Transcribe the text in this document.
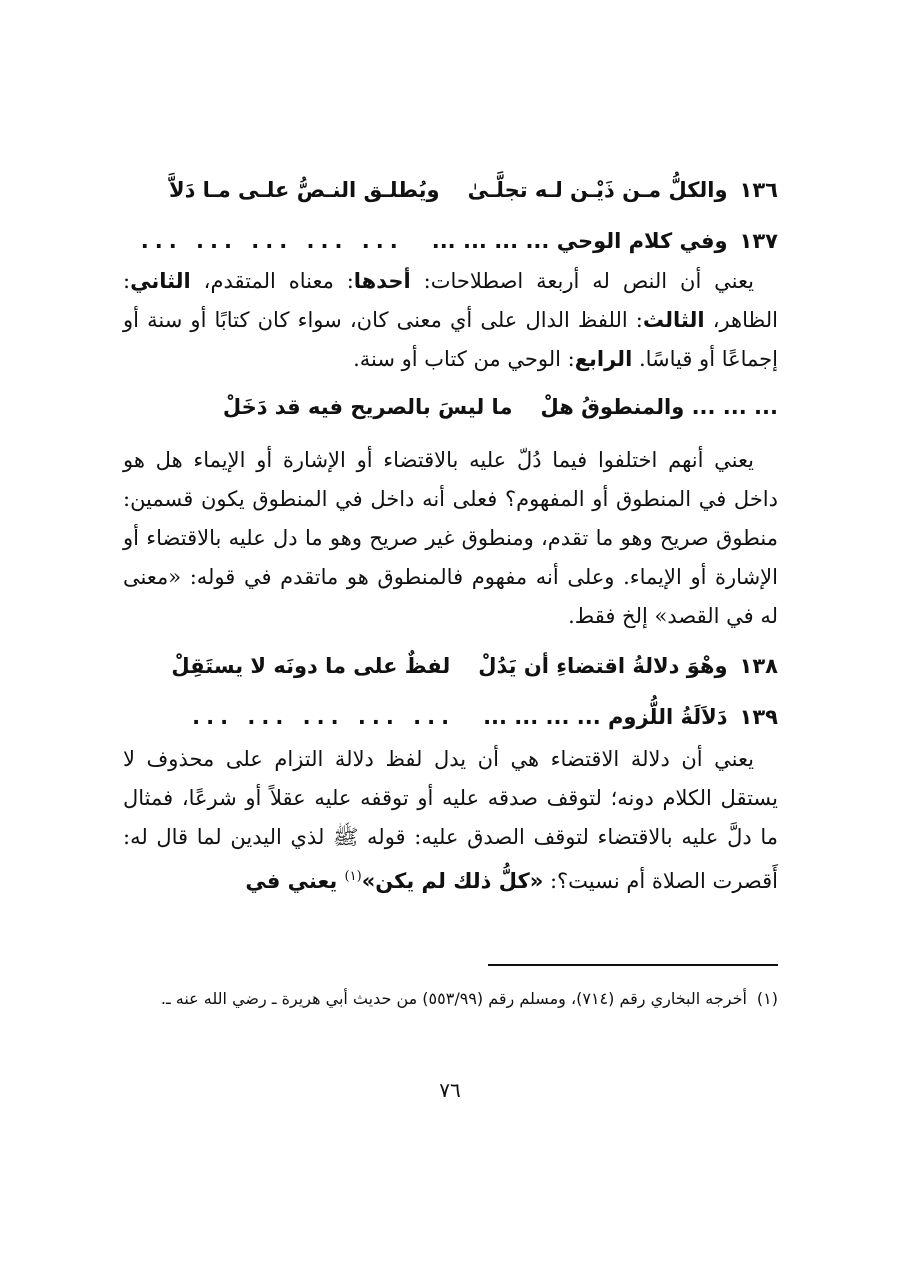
١٣٦
والكلُّ مـن ذَيْـن لـه تجلَّـىٰ
ويُطلـق النـصُّ علـى مـا دَلاَّ
١٣٧
وفي كلام الوحي ... ... ... ...
... ... ... ... ...

يعني أن النص له أربعة اصطلاحات: أحدها: معناه المتقدم، الثاني: الظاهر، الثالث: اللفظ الدال على أي معنى كان، سواء كان كتابًا أو سنة أو إجماعًا أو قياسًا. الرابع: الوحي من كتاب أو سنة.

... ... ... والمنطوقُ هلْ
ما ليسَ بالصريح فيه قد دَخَلْ

يعني أنهم اختلفوا فيما دُلّ عليه بالاقتضاء أو الإشارة أو الإيماء هل هو داخل في المنطوق أو المفهوم؟ فعلى أنه داخل في المنطوق يكون قسمين: منطوق صريح وهو ما تقدم، ومنطوق غير صريح وهو ما دل عليه بالاقتضاء أو الإشارة أو الإيماء. وعلى أنه مفهوم فالمنطوق هو ماتقدم في قوله: «معنى له في القصد» إلخ فقط.

١٣٨
وهْوَ دلالةُ اقتضاءِ أن يَدُلْ
لفظٌ على ما دونَه لا يستَقِلْ
١٣٩
دَلاَلَةُ اللُّزوم ... ... ... ...
... ... ... ... ...

يعني أن دلالة الاقتضاء هي أن يدل لفظ دلالة التزام على محذوف لا يستقل الكلام دونه؛ لتوقف صدقه عليه أو توقفه عليه عقلاً أو شرعًا، فمثال ما دلَّ عليه بالاقتضاء لتوقف الصدق عليه: قوله ﷺ لذي اليدين لما قال له: أَقصرت الصلاة أم نسيت؟: «كلُّ ذلك لم يكن»$^{(١)}$ يعني في

(١)أخرجه البخاري رقم (٧١٤)، ومسلم رقم (٥٥٣/٩٩) من حديث أبي هريرة ـ رضي الله عنه ـ.
٧٦
